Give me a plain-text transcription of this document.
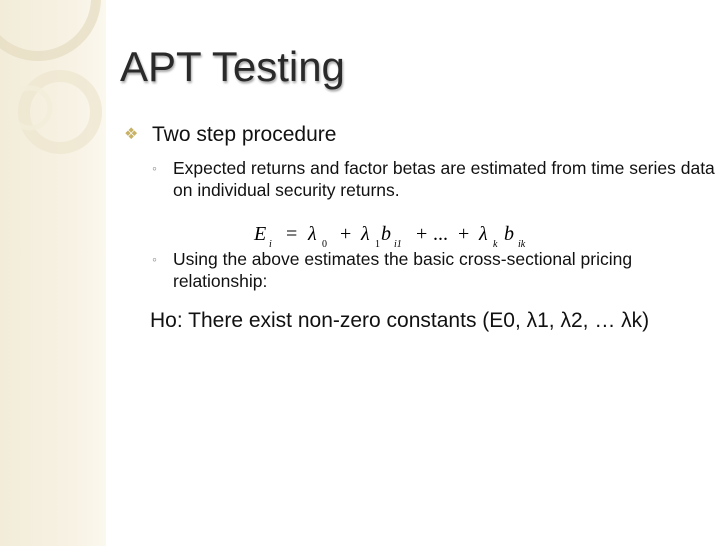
APT Testing
❖ Two step procedure
◦ Expected returns and factor betas are estimated from time series data on individual security returns.
E i = λ 0 + λ 1 b i1 + ... + λ k b ik
◦ Using the above estimates the basic cross-sectional pricing relationship:
Ho: There exist non-zero constants (E0, λ1, λ2, … λk)
